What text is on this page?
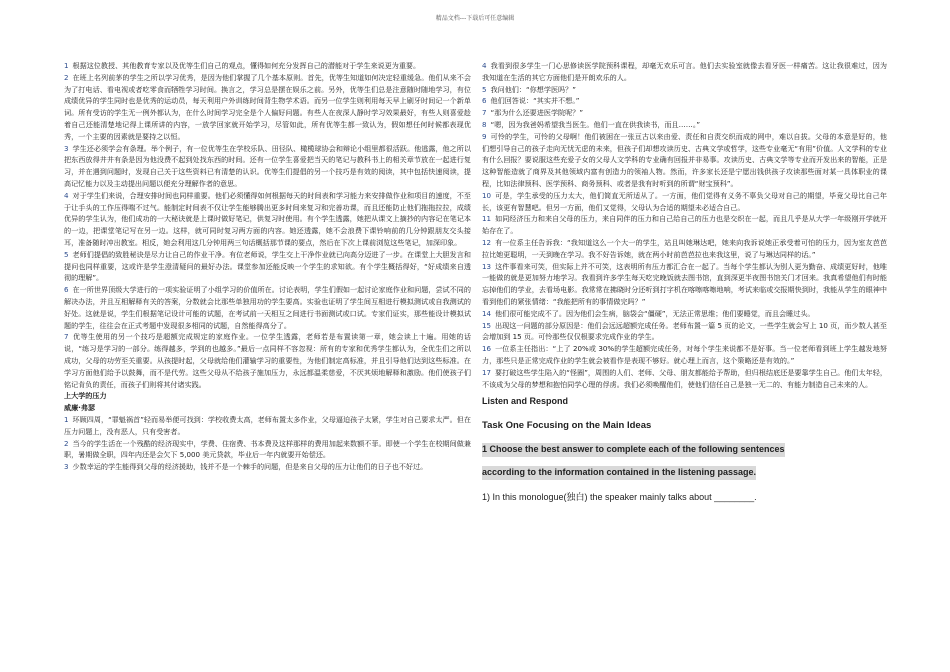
精品文档---下载后可任意编辑
1 根据这位教授、其他教育专家以及优等生们自己的观点，懂得如何充分发挥自己的潜能对于学生来说更为重要。
2 在班上名列前茅的学生之所以学习优秀，是因为他们掌握了几个基本原则。首先，优等生知道如何决定轻重缓急。他们从来不会为了打电话、看电视或者吃零食而牺牲学习时间。换言之，学习总是摆在娱乐之前。另外，优等生们总是注意随时随地学习，有位成绩优异的学生同时也是优秀的运动员，每天利用户外训练时间背生物学术语。而另一位学生则利用每天早上刷牙时间记一个新单词。所有受访的学生无一例外都认为，在什么时间学习完全是个人偏好问题。有些人在夜深人静时学习效果最好，有些人则喜爱趁着自己还能清楚地记得上课所讲的内容，一放学回家就开始学习，尽管如此，所有优等生都一致认为，假如想任何时候都表现优秀，一个主要的因素就是要持之以恒。
3 学生还必须学会有条理。举个例子，有一位优等生在学校乐队、田径队、橄榄球协会和辩论小组里都很活跃。他逃露，他之所以把东西放得井井有条是因为他没费不起到处找东西的时间。还有一位学生喜爱把当天的笔记与教科书上的相关章节放在一起进行复习，并在遇到问题时，发现自己关于这些资料已有清楚的认识。优等生们提倡的另一个技巧是有效的阅读，其中包括快速阅读，提高记忆能力以及主动提出问题以便充分理解作者的意思。
4 对于学生们来说，合理安排时间也同样重要。他们必须懂得如何根据每天的时间表和学习能力来安排做作业和项目的速度，不至于让手头的工作压得喘不过气。能制定时间表不仅让学生能够腾出更多时间来复习和完善功课，而且还能防止他们拖拖拉拉，成绩优异的学生认为，他们成功的一大秘诀就是上课时做好笔记，供复习时使用。有个学生透露，她把从课文上摘抄的内容记在笔记本的一边，把课堂笔记写在另一边。这样，就可同时复习两方面的内容。她还透露，她不会浪费下课铃响前的几分钟跟朋友交头接耳，准备随时冲出教室。相反，她会利用这几分钟用两三句话概括那节课的要点，然后在下次上课前浏览这些笔记，加深印象。
5 老师们提倡的致胜秘诀是尽力让自己的作业干净。有位老师说，学生交上干净作业就已向高分迈进了一步。在课堂上大胆发言和提问也同样重要，这或许是学生澄清疑问的最好办法。课堂参加还能反映一个学生的求知欲。有个学生概括得好，“好成绩来自透彻的理解”。
6 在一所世界顶级大学进行的一项实验证明了小组学习的价值所在。讨论表明，学生们假如一起讨论家庭作业和问题，尝试不同的解决办法，并且互相解释有关的答案，分数就会比那些单独用功的学生要高。实验也证明了学生间互相进行模拟测试或自我测试的好处。这就是说，学生们根据笔记设计可能的试题，在考试前一天相互之间进行书面测试或口试。专家们证实，那些能设计模拟试题的学生，往往会在正式考题中发现很多相同的试题，自然能得高分了。
7 优等生使用的另一个技巧是超额完成规定的家庭作业。一位学生透露，老师若是布置读第一章，她会读上十遍。用她的话说，“练习是学习的一部分。练得越多，学到的也越多。”最后一点同样不容忽视：所有的专家和优秀学生都认为，全优生们之所以成功，父母的功劳至关重要。从孩提时起，父母就给他们灌输学习的重要性，为他们制定高标准，并且引导他们达到这些标准。在学习方面他们给予以鼓舞，而不是代劳。这些父母从不给孩子施加压力，永远都温柔慈爱，不厌其烦地解释和激励。他们使孩子们铭记肯负的责任，而孩子们则将其付诸实践。
上大学的压力
威廉·弗瑟
1 环顾四周，“罪魁祸首”轻而易举便可找到：学校收费太高，老师布置太多作业，父母逼迫孩子太紧，学生对自己要求太严。但在压力问题上，没有恶人，只有受害者。
2 当今的学生活在一个残酷的经济现实中，学费、住宿费、书本费及这样那样的费用加起来数额不菲。即使一个学生在校期间做兼职，暑期做全职，四年内还是会欠下 5,000 美元贷款，毕业后一年内就要开始偿还。
3 少数幸运的学生能得到父母的经济援助，钱并不是一个棘手的问题，但是来自父母的压力让他们的日子也不好过。
4 我看到很多学生一门心思修读医学院预科课程，却毫无欢乐可言。他们去实验室就像去看牙医一样痛苦。这让我很难过，因为我知道在生活的其它方面他们是开朗欢乐的人。
5 我问他们：“你想学医吗？”
6 他们回答说：“其实并不想。”
7 “那为什么还要进医学院呢？”
8 “嗯，因为我爸妈希望我当医生。他们一直在供我读书，而且……。”
9 可怜的学生，可怜的父母啊！他们被困在一张亘古以来由爱、责任和自责交织而成的网中，难以自拔。父母的本意是好的，他们想引导自己的孩子走向无忧无虑的未来，但孩子们却想攻读历史、古典文学或哲学，这些专业毫无“有用”价值。人文学科的专业有什么回报？要说服这些充爱子女的父母人文学科的专业确有回报并非易事。攻读历史、古典文学等专业而开发出来的智能，正是这种智能造就了商界及其他领域内富有创造力的领袖人物。然而，许多家长还是宁愿出钱供孩子攻读那些面对某一具体职业的课程，比如法律预科、医学预科、商务预科、或者是我有时听到的所谓“财宝预科”。
10 可是，学生承受的压力太大，他们简直无所适从了。一方面，他们觉得有义务不辜负父母对自己的期望，毕竟父母比自己年长，该更有智慧吧。但另一方面，他们又觉得，父母认为合适的期望未必适合自己。
11 如同经济压力和来自父母的压力，来自同伴的压力和自己给自己的压力也是交织在一起，而且几乎是从大学一年级刚开学就开始存在了。
12 有一位系主任告诉我：“我知道这么一个大一的学生，站且叫她琳达吧，她来向我诉说她正承受着可怕的压力，因为室友芭芭拉比她更聪明，一天到晚在学习。我不好告诉她，就在两小时前芭芭拉也来我这里，说了与琳达同样的话。”
13 这件事看来可笑，但实际上并不可笑，这表明所有压力都汇合在一起了。当每个学生都认为别人更为勤奋、成绩更好时，他唯一能做的就是更加努力地学习。我看到许多学生每天吃完晚饭就去图书馆，直到深更半夜图书馆关门才回来。我真希望他们有时能忘掉他们的学业，去看场电影。我常常在拂晓时分还听到打字机在喀嚓喀嚓地响，考试来临或交报期快到时，我能从学生的眼神中看到他们的紧张情绪：“我能把所有的事情做完吗？”
14 他们很可能完成不了。因为他们会生病，脑袋会“僵硬”，无法正常思维；他们要睡觉，而且会睡过头。
15 出现这一问题的部分原因是：他们会远远超额完成任务。老师布置一篇 5 页的论文，一些学生就会写上 10 页，而少数人甚至会增加到 15 页。可怜那些仅仅根要求完成作业的学生。
16 一位系主任指出：“上了 20%或 30%的学生超额完成任务，对每个学生来说都不是好事。当一位老师看到班上学生越发地努力，那些只是正常完成作业的学生就会被看作是表现不够好。就心理上而言，这个策略还是有效的。”
17 要打破这些学生陷入的“怪圈”，周围的人们、老师、父母、朋友都能给予帮助，但归根结底还是要靠学生自己。他们太年轻，不该成为父母的梦想和抱怕同学心理的俘虏。我们必须唤醒他们，使他们信任自己是独一无二的、有能力制造自己未来的人。
Listen and Respond
Task One Focusing on the Main Ideas
1 Choose the best answer to complete each of the following sentences according to the information contained in the listening passage.
1) In this monologue(独白) the speaker mainly talks about ________.
